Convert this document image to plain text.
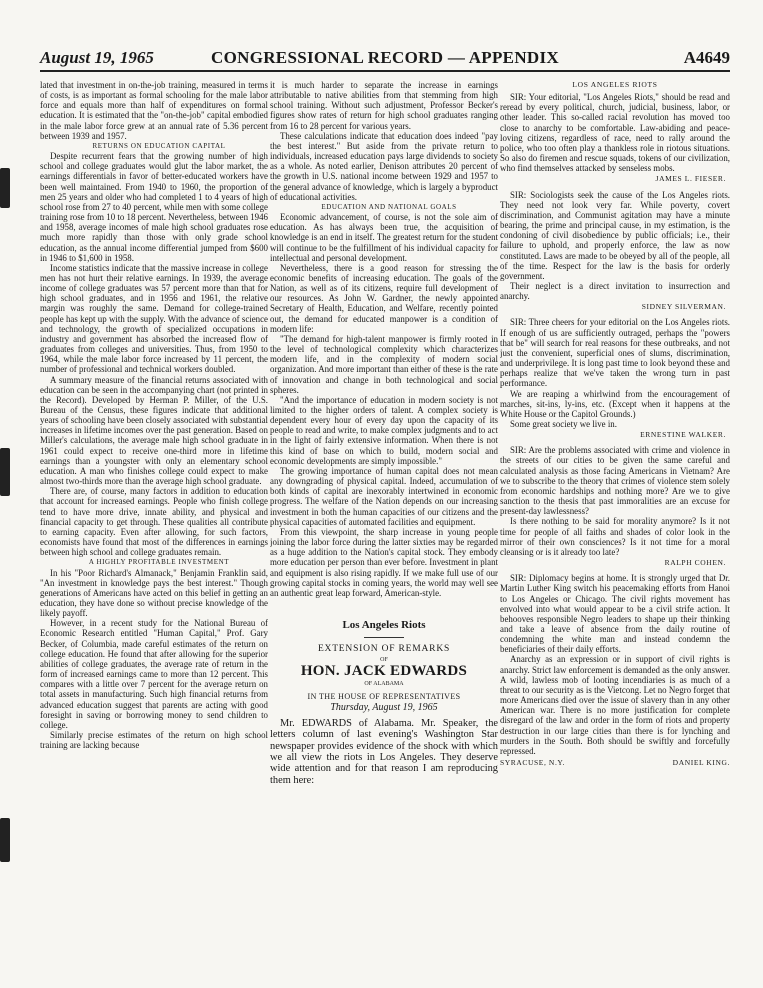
August 19, 1965	CONGRESSIONAL RECORD — APPENDIX	A4649

lated that investment in on-the-job training, measured in terms of costs, is as important as formal schooling for the male labor force and equals more than half of expenditures on formal education. It is estimated that the "on-the-job" capital embodied in the male labor force grew at an annual rate of 5.36 percent between 1939 and 1957.

RETURNS ON EDUCATION CAPITAL

Despite recurrent fears that the growing number of high school and college graduates would glut the labor market, the earnings differentials in favor of better-educated workers have been well maintained. From 1940 to 1960, the proportion of men 25 years and older who had completed 1 to 4 years of high school rose from 27 to 40 percent, while men with some college training rose from 10 to 18 percent. Nevertheless, between 1946 and 1958, average incomes of male high school graduates rose much more rapidly than those with only grade school education, as the annual income differential jumped from $600 in 1946 to $1,600 in 1958.

Income statistics indicate that the massive increase in college men has not hurt their relative earnings. In 1939, the average income of college graduates was 57 percent more than that for high school graduates, and in 1956 and 1961, the relative margin was roughly the same. Demand for college-trained people has kept up with the supply. With the advance of science and technology, the growth of specialized occupations in industry and government has absorbed the increased flow of graduates from colleges and universities. Thus, from 1950 to 1964, while the male labor force increased by 11 percent, the number of professional and technical workers doubled.

A summary measure of the financial returns associated with education can be seen in the accompanying chart (not printed in the Record). Developed by Herman P. Miller, of the U.S. Bureau of the Census, these figures indicate that additional years of schooling have been closely associated with substantial increases in lifetime incomes over the past generation. Based on Miller's calculations, the average male high school graduate in 1961 could expect to receive one-third more in lifetime earnings than a youngster with only an elementary school education. A man who finishes college could expect to make almost two-thirds more than the average high school graduate.

There are, of course, many factors in addition to education that account for increased earnings. People who finish college tend to have more drive, innate ability, and physical and financial capacity to get through. These qualities all contribute to earning capacity. Even after allowing, for such factors, economists have found that most of the differences in earnings between high school and college graduates remain.

A HIGHLY PROFITABLE INVESTMENT

In his "Poor Richard's Almanack," Benjamin Franklin said, "An investment in knowledge pays the best interest." Though generations of Americans have acted on this belief in getting an education, they have done so without precise knowledge of the likely payoff.

However, in a recent study for the National Bureau of Economic Research entitled "Human Capital," Prof. Gary Becker, of Columbia, made careful estimates of the return on college education. He found that after allowing for the superior abilities of college graduates, the average rate of return in the form of increased earnings came to more than 12 percent. This compares with a little over 7 percent for the average return on total assets in manufacturing. Such high financial returns from advanced education suggest that parents are acting with good foresight in saving or borrowing money to send children to college.

Similarly precise estimates of the return on high school training are lacking because

it is much harder to separate the increase in earnings attributable to native abilities from that stemming from high school training. Without such adjustment, Professor Becker's figures show rates of return for high school graduates ranging from 16 to 28 percent for various years.

These calculations indicate that education does indeed "pay the best interest." But aside from the private return to individuals, increased education pays large dividends to society as a whole. As noted earlier, Denison attributes 20 percent of the growth in U.S. national income between 1929 and 1957 to the general advance of knowledge, which is largely a byproduct of educational activities.

EDUCATION AND NATIONAL GOALS

Economic advancement, of course, is not the sole aim of education. As has always been true, the acquisition of knowledge is an end in itself. The greatest return for the student will continue to be the fulfillment of his individual capacity for intellectual and personal development.

Nevertheless, there is a good reason for stressing the economic benefits of increasing education. The goals of the Nation, as well as of its citizens, require full development of our resources. As John W. Gardner, the newly appointed Secretary of Health, Education, and Welfare, recently pointed out, the demand for educated manpower is a condition of modern life:

"The demand for high-talent manpower is firmly rooted in the level of technological complexity which characterizes modern life, and in the complexity of modern social organization. And more important than either of these is the rate of innovation and change in both technological and social spheres.

"And the importance of education in modern society is not limited to the higher orders of talent. A complex society is dependent every hour of every day upon the capacity of its people to read and write, to make complex judgments and to act in the light of fairly extensive information. When there is not this kind of base on which to build, modern social and economic developments are simply impossible."

The growing importance of human capital does not mean any downgrading of physical capital. Indeed, accumulation of both kinds of capital are inexorably intertwined in economic progress. The welfare of the Nation depends on our increasing investment in both the human capacities of our citizens and the physical capacities of automated facilities and equipment.

From this viewpoint, the sharp increase in young people joining the labor force during the latter sixties may be regarded as a huge addition to the Nation's capital stock. They embody more education per person than ever before. Investment in plant and equipment is also rising rapidly. If we make full use of our growing capital stocks in coming years, the world may well see an authentic great leap forward, American-style.

Los Angeles Riots
EXTENSION OF REMARKS
OF
HON. JACK EDWARDS
OF ALABAMA
IN THE HOUSE OF REPRESENTATIVES
Thursday, August 19, 1965

Mr. EDWARDS of Alabama. Mr. Speaker, the letters column of last evening's Washington Star newspaper provides evidence of the shock with which we all view the riots in Los Angeles. They deserve wide attention and for that reason I am reproducing them here:

LOS ANGELES RIOTS

SIR: Your editorial, "Los Angeles Riots," should be read and reread by every political, church, judicial, business, labor, or other leader. This so-called racial revolution has moved too close to anarchy to be comfortable. Law-abiding and peace-loving citizens, regardless of race, need to rally around the police, who too often play a thankless role in riotous situations. So also do firemen and rescue squads, tokens of our civilization, who find themselves attacked by senseless mobs.

JAMES L. FIESER.

SIR: Sociologists seek the cause of the Los Angeles riots. They need not look very far. While poverty, covert discrimination, and Communist agitation may have a minute bearing, the prime and principal cause, in my estimation, is the condoning of civil disobedience by public officials; i.e., their failure to uphold, and properly enforce, the law as now constituted. Laws are made to be obeyed by all of the people, all of the time. Respect for the law is the basis for orderly government.

Their neglect is a direct invitation to insurrection and anarchy.

SIDNEY SILVERMAN.

SIR: Three cheers for your editorial on the Los Angeles riots. If enough of us are sufficiently outraged, perhaps the "powers that be" will search for real reasons for these outbreaks, and not just the convenient, superficial ones of slums, discrimination, and underprivilege. It is long past time to look beyond these and perhaps realize that we've taken the wrong turn in past performance.

We are reaping a whirlwind from the encouragement of marches, sit-ins, ly-ins, etc. (Except when it happens at the White House or the Capitol Grounds.)

Some great society we live in.

ERNESTINE WALKER.

SIR: Are the problems associated with crime and violence in the streets of our cities to be given the same careful and calculated analysis as those facing Americans in Vietnam? Are we to subscribe to the theory that crimes of violence stem solely from economic hardships and nothing more? Are we to give sanction to the thesis that past immoralities are an excuse for present-day lawlessness?

Is there nothing to be said for morality anymore? Is it not time for people of all faiths and shades of color look in the mirror of their own consciences? Is it not time for a moral cleansing or is it already too late?

RALPH COHEN.

SIR: Diplomacy begins at home. It is strongly urged that Dr. Martin Luther King switch his peacemaking efforts from Hanoi to Los Angeles or Chicago. The civil rights movement has envolved into what would appear to be a civil strife action. It behooves responsible Negro leaders to shape up their thinking and take a leave of absence from the daily routine of condemning the white man and instead condemn the beneficiaries of their daily efforts.

Anarchy as an expression or in support of civil rights is anarchy. Strict law enforcement is demanded as the only answer. A wild, lawless mob of looting incendiaries is as much of a threat to our security as is the Vietcong. Let no Negro forget that more Americans died over the issue of slavery than in any other American war. There is no more justification for complete disregard of the law and order in the form of riots and property destruction in our large cities than there is for lynching and murders in the South. Both should be swiftly and forcefully repressed.

DANIEL KING.
SYRACUSE, N.Y.
